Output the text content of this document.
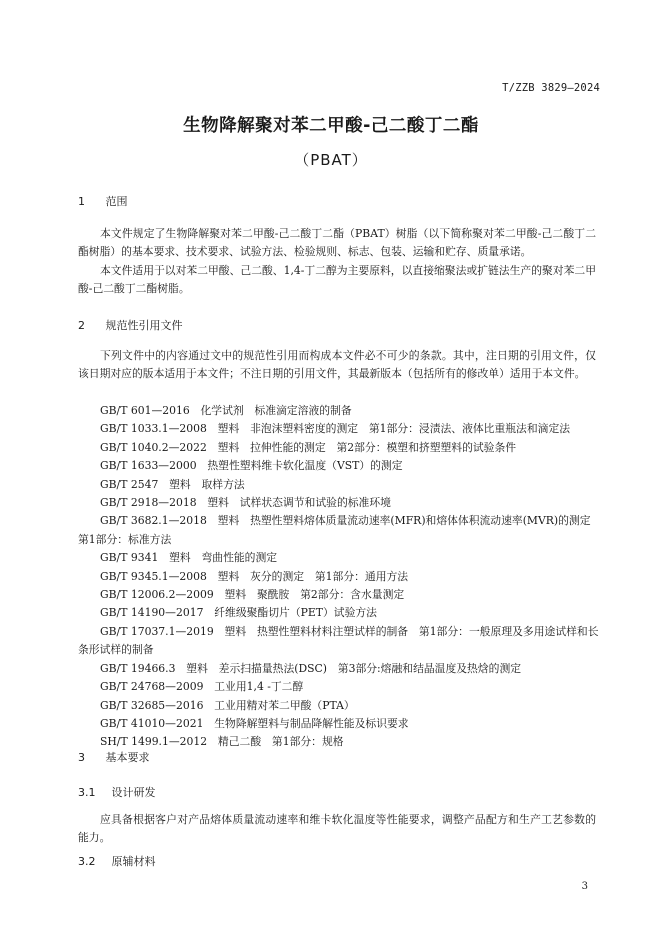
T/ZZB 3829—2024
生物降解聚对苯二甲酸-己二酸丁二酯
（PBAT）
1 范围
本文件规定了生物降解聚对苯二甲酸-己二酸丁二酯（PBAT）树脂（以下简称聚对苯二甲酸-己二酸丁二酯树脂）的基本要求、技术要求、试验方法、检验规则、标志、包装、运输和贮存、质量承诺。
本文件适用于以对苯二甲酸、己二酸、1,4-丁二醇为主要原料，以直接缩聚法或扩链法生产的聚对苯二甲酸-己二酸丁二酯树脂。
2 规范性引用文件
下列文件中的内容通过文中的规范性引用而构成本文件必不可少的条款。其中，注日期的引用文件，仅该日期对应的版本适用于本文件；不注日期的引用文件，其最新版本（包括所有的修改单）适用于本文件。
GB/T 601—2016　化学试剂　标准滴定溶液的制备
GB/T 1033.1—2008　塑料　非泡沫塑料密度的测定　第1部分：浸渍法、液体比重瓶法和滴定法
GB/T 1040.2—2022　塑料　拉伸性能的测定　第2部分：模塑和挤塑塑料的试验条件
GB/T 1633—2000　热塑性塑料维卡软化温度（VST）的测定
GB/T 2547　塑料　取样方法
GB/T 2918—2018　塑料　试样状态调节和试验的标准环境
GB/T 3682.1—2018　塑料　热塑性塑料熔体质量流动速率(MFR)和熔体体积流动速率(MVR)的测定　第1部分：标准方法
GB/T 9341　塑料　弯曲性能的测定
GB/T 9345.1—2008　塑料　灰分的测定　第1部分：通用方法
GB/T 12006.2—2009　塑料　聚酰胺　第2部分：含水量测定
GB/T 14190—2017　纤维级聚酯切片（PET）试验方法
GB/T 17037.1—2019　塑料　热塑性塑料材料注塑试样的制备　第1部分：一般原理及多用途试样和长条形试样的制备
GB/T 19466.3　塑料　差示扫描量热法(DSC)　第3部分:熔融和结晶温度及热焓的测定
GB/T 24768—2009　工业用1,4 -丁二醇
GB/T 32685—2016　工业用精对苯二甲酸（PTA）
GB/T 41010—2021　生物降解塑料与制品降解性能及标识要求
SH/T 1499.1—2012　精己二酸　第1部分：规格
3 基本要求
3.1 设计研发
应具备根据客户对产品熔体质量流动速率和维卡软化温度等性能要求，调整产品配方和生产工艺参数的能力。
3.2 原辅材料
3
